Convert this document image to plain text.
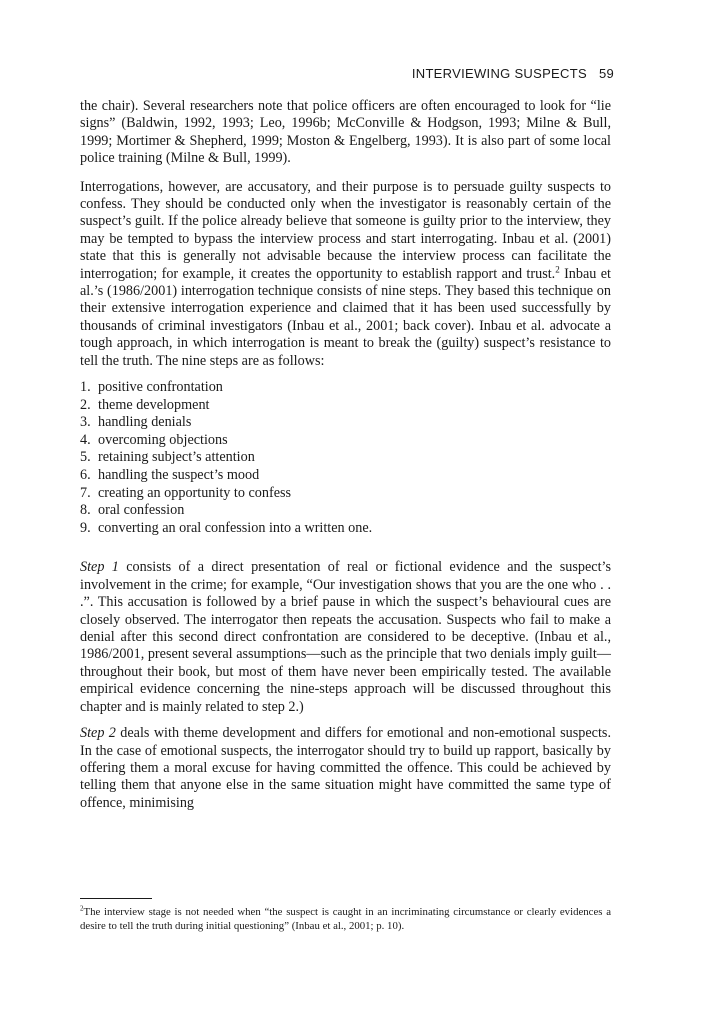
INTERVIEWING SUSPECTS 59

the chair). Several researchers note that police officers are often encouraged to look for “lie signs” (Baldwin, 1992, 1993; Leo, 1996b; McConville & Hodgson, 1993; Milne & Bull, 1999; Mortimer & Shepherd, 1999; Moston & Engelberg, 1993). It is also part of some local police training (Milne & Bull, 1999).

Interrogations, however, are accusatory, and their purpose is to persuade guilty suspects to confess. They should be conducted only when the investigator is reasonably certain of the suspect’s guilt. If the police already believe that someone is guilty prior to the interview, they may be tempted to bypass the interview process and start interrogating. Inbau et al. (2001) state that this is generally not advisable because the interview process can facilitate the interrogation; for example, it creates the opportunity to establish rapport and trust.$^2$ Inbau et al.’s (1986/2001) interrogation technique consists of nine steps. They based this technique on their extensive interrogation experience and claimed that it has been used successfully by thousands of criminal investigators (Inbau et al., 2001; back cover). Inbau et al. advocate a tough approach, in which interrogation is meant to break the (guilty) suspect’s resistance to tell the truth. The nine steps are as follows:

1. positive confrontation
2. theme development
3. handling denials
4. overcoming objections
5. retaining subject’s attention
6. handling the suspect’s mood
7. creating an opportunity to confess
8. oral confession
9. converting an oral confession into a written one.

Step 1 consists of a direct presentation of real or fictional evidence and the suspect’s involvement in the crime; for example, “Our investigation shows that you are the one who . . .”. This accusation is followed by a brief pause in which the suspect’s behavioural cues are closely observed. The interrogator then repeats the accusation. Suspects who fail to make a denial after this second direct confrontation are considered to be deceptive. (Inbau et al., 1986/2001, present several assumptions—such as the principle that two denials imply guilt—throughout their book, but most of them have never been empirically tested. The available empirical evidence concerning the nine-steps approach will be discussed throughout this chapter and is mainly related to step 2.)

Step 2 deals with theme development and differs for emotional and non-emotional suspects. In the case of emotional suspects, the interrogator should try to build up rapport, basically by offering them a moral excuse for having committed the offence. This could be achieved by telling them that anyone else in the same situation might have committed the same type of offence, minimising

$^2$The interview stage is not needed when “the suspect is caught in an incriminating circumstance or clearly evidences a desire to tell the truth during initial questioning” (Inbau et al., 2001; p. 10).
